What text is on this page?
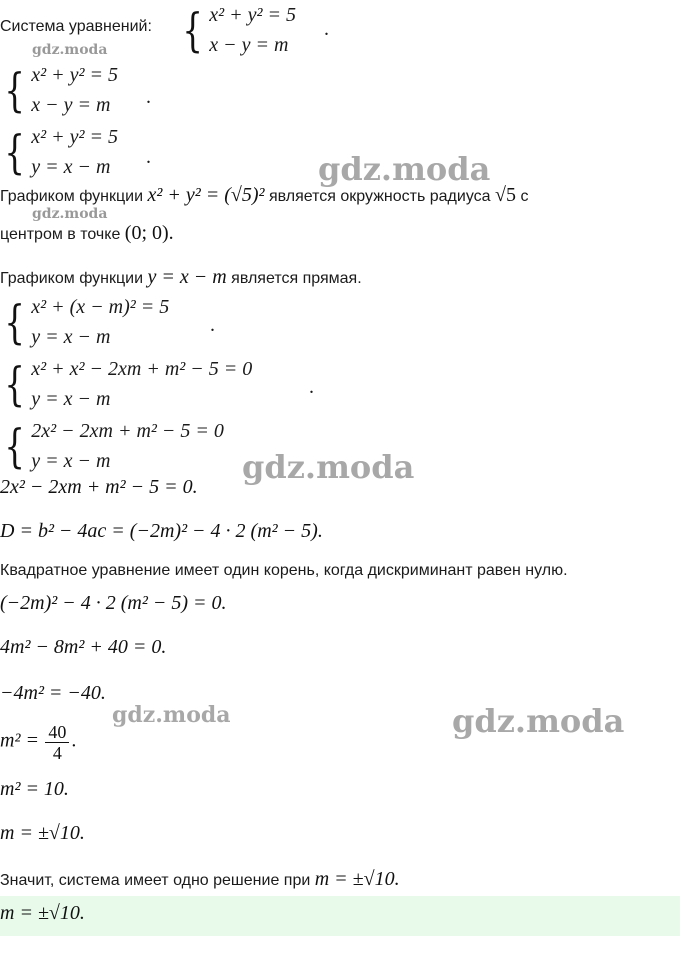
Система уравнений: { x² + y² = 5
x − y = m
.
{ x² + y² = 5
x − y = m	.
{ x² + y² = 5
y = x − m	.
Графиком функции x² + y² = (√5)² является окружность радиуса √5 с
центром в точке (0; 0).
Графиком функции y = x − m является прямая.
{ x² + (x − m)² = 5
y = x − m
.
{ x² + x² − 2xm + m² − 5 = 0
y = x − m
.
{ 2x² − 2xm + m² − 5 = 0
y = x − m
2x² − 2xm + m² − 5 = 0.
D = b² − 4ac = (−2m)² − 4 · 2 (m² − 5).
Квадратное уравнение имеет один корень, когда дискриминант равен нулю.
(−2m)² − 4 · 2 (m² − 5) = 0.
4m² − 8m² + 40 = 0.
−4m² = −40.
$m^2 = \frac{40}{4}$ .
m² = 10.
m = ±√10.
Значит, система имеет одно решение при m = ±√10.
m = ±√10.
gdz.moda
gdz.moda
gdz.moda
gdz.moda
gdz.moda	gdz.moda
